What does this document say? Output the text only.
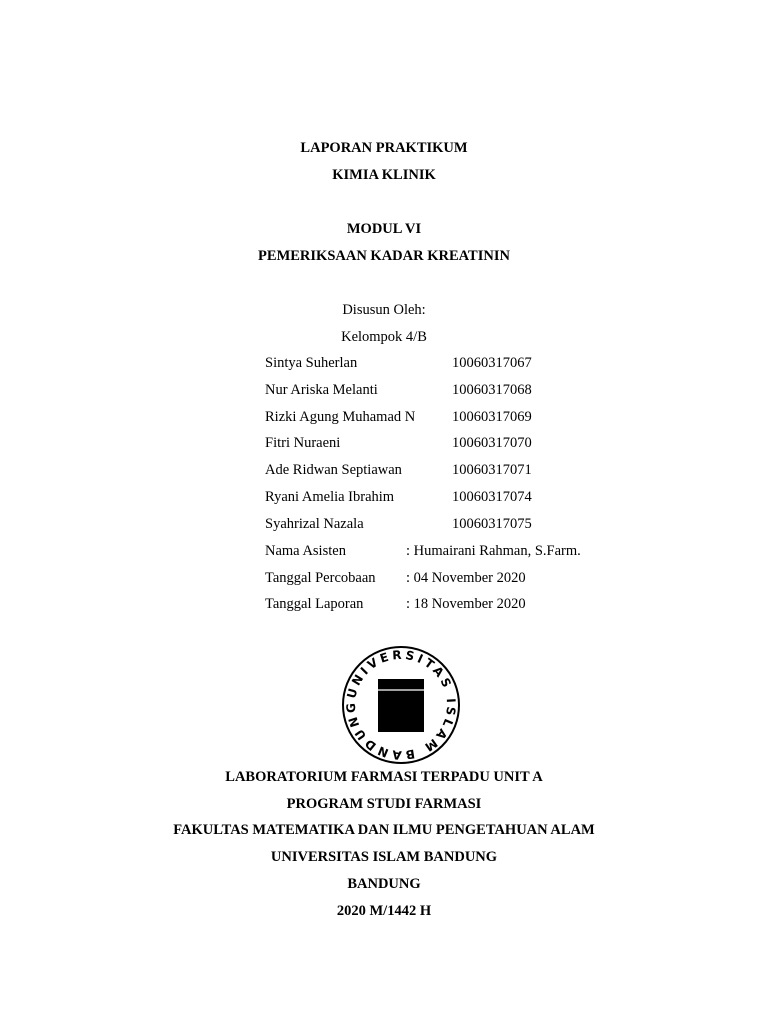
LAPORAN PRAKTIKUM
KIMIA KLINIK
MODUL VI
PEMERIKSAAN KADAR KREATININ
Disusun Oleh:
Kelompok 4/B
Sintya Suherlan	10060317067
Nur Ariska Melanti	10060317068
Rizki Agung Muhamad N	10060317069
Fitri Nuraeni	10060317070
Ade Ridwan Septiawan	10060317071
Ryani Amelia Ibrahim	10060317074
Syahrizal Nazala	10060317075
Nama Asisten	: Humairani Rahman, S.Farm.
Tanggal Percobaan : 04 November 2020
Tanggal Laporan	: 18 November 2020
UNIVERSITAS ISLAM BANDUNG
LABORATORIUM FARMASI TERPADU UNIT A
PROGRAM STUDI FARMASI
FAKULTAS MATEMATIKA DAN ILMU PENGETAHUAN ALAM
UNIVERSITAS ISLAM BANDUNG
BANDUNG
2020 M/1442 H
